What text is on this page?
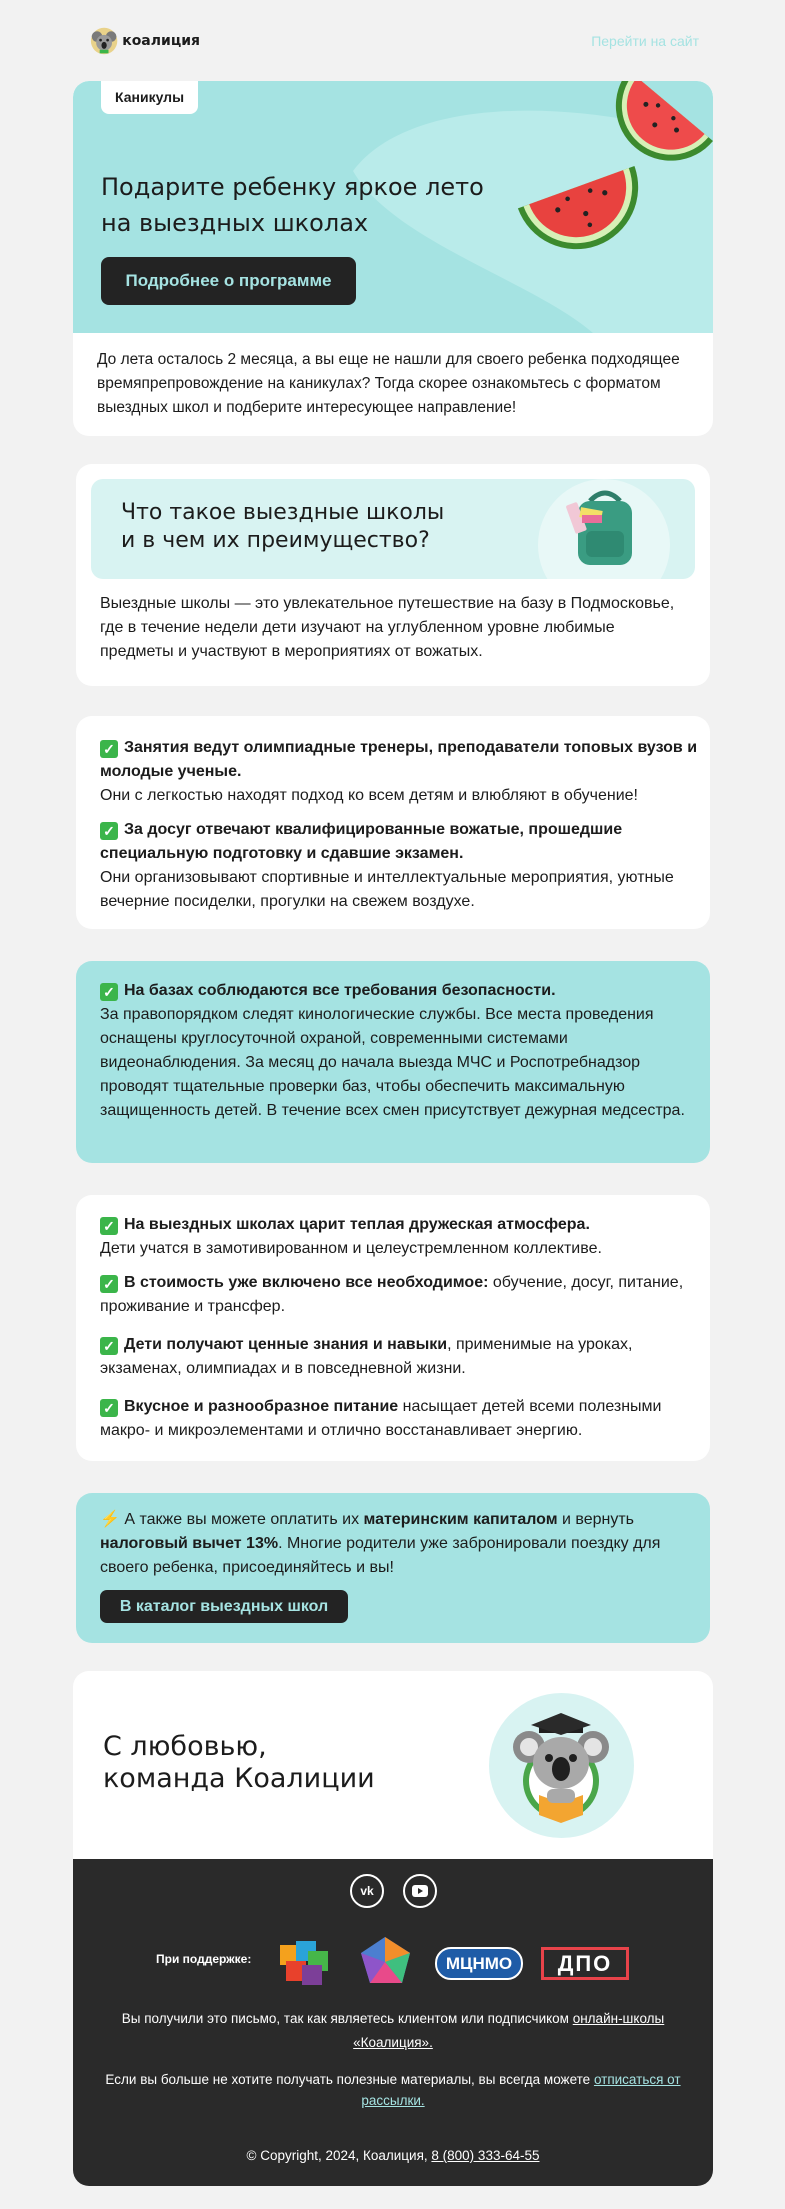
коалиция	Перейти на сайт
Каникулы
Подарите ребенку яркое лето
на выездных школах
Подробнее о программе
До лета осталось 2 месяца, а вы еще не нашли для своего ребенка подходящее времяпрепровождение на каникулах? Тогда скорее ознакомьтесь с форматом выездных школ и подберите интересующее направление!
Что такое выездные школы
и в чем их преимущество?
Выездные школы — это увлекательное путешествие на базу в Подмосковье, где в течение недели дети изучают на углубленном уровне любимые предметы и участвуют в мероприятиях от вожатых.
✓ Занятия ведут олимпиадные тренеры, преподаватели топовых вузов и молодые ученые.
Они с легкостью находят подход ко всем детям и влюбляют в обучение!
✓ За досуг отвечают квалифицированные вожатые, прошедшие специальную подготовку и сдавшие экзамен.
Они организовывают спортивные и интеллектуальные мероприятия, уютные вечерние посиделки, прогулки на свежем воздухе.
✓ На базах соблюдаются все требования безопасности.
За правопорядком следят кинологические службы. Все места проведения оснащены круглосуточной охраной, современными системами видеонаблюдения. За месяц до начала выезда МЧС и Роспотребнадзор проводят тщательные проверки баз, чтобы обеспечить максимальную защищенность детей. В течение всех смен присутствует дежурная медсестра.
✓ На выездных школах царит теплая дружеская атмосфера.
Дети учатся в замотивированном и целеустремленном коллективе.
✓ В стоимость уже включено все необходимое: обучение, досуг, питание, проживание и трансфер.
✓ Дети получают ценные знания и навыки, применимые на уроках, экзаменах, олимпиадах и в повседневной жизни.
✓ Вкусное и разнообразное питание насыщает детей всеми полезными макро- и микроэлементами и отлично восстанавливает энергию.
⚡ А также вы можете оплатить их материнским капиталом и вернуть налоговый вычет 13%. Многие родители уже забронировали поездку для своего ребенка, присоединяйтесь и вы!
В каталог выездных школ
С любовью,
команда Коалиции
vk
При поддержке:	МЦНМО	ДПО
Вы получили это письмо, так как являетесь клиентом или подписчиком онлайн-школы «Коалиция».
Если вы больше не хотите получать полезные материалы, вы всегда можете отписаться от рассылки.
© Copyright, 2024, Коалиция, 8 (800) 333-64-55
